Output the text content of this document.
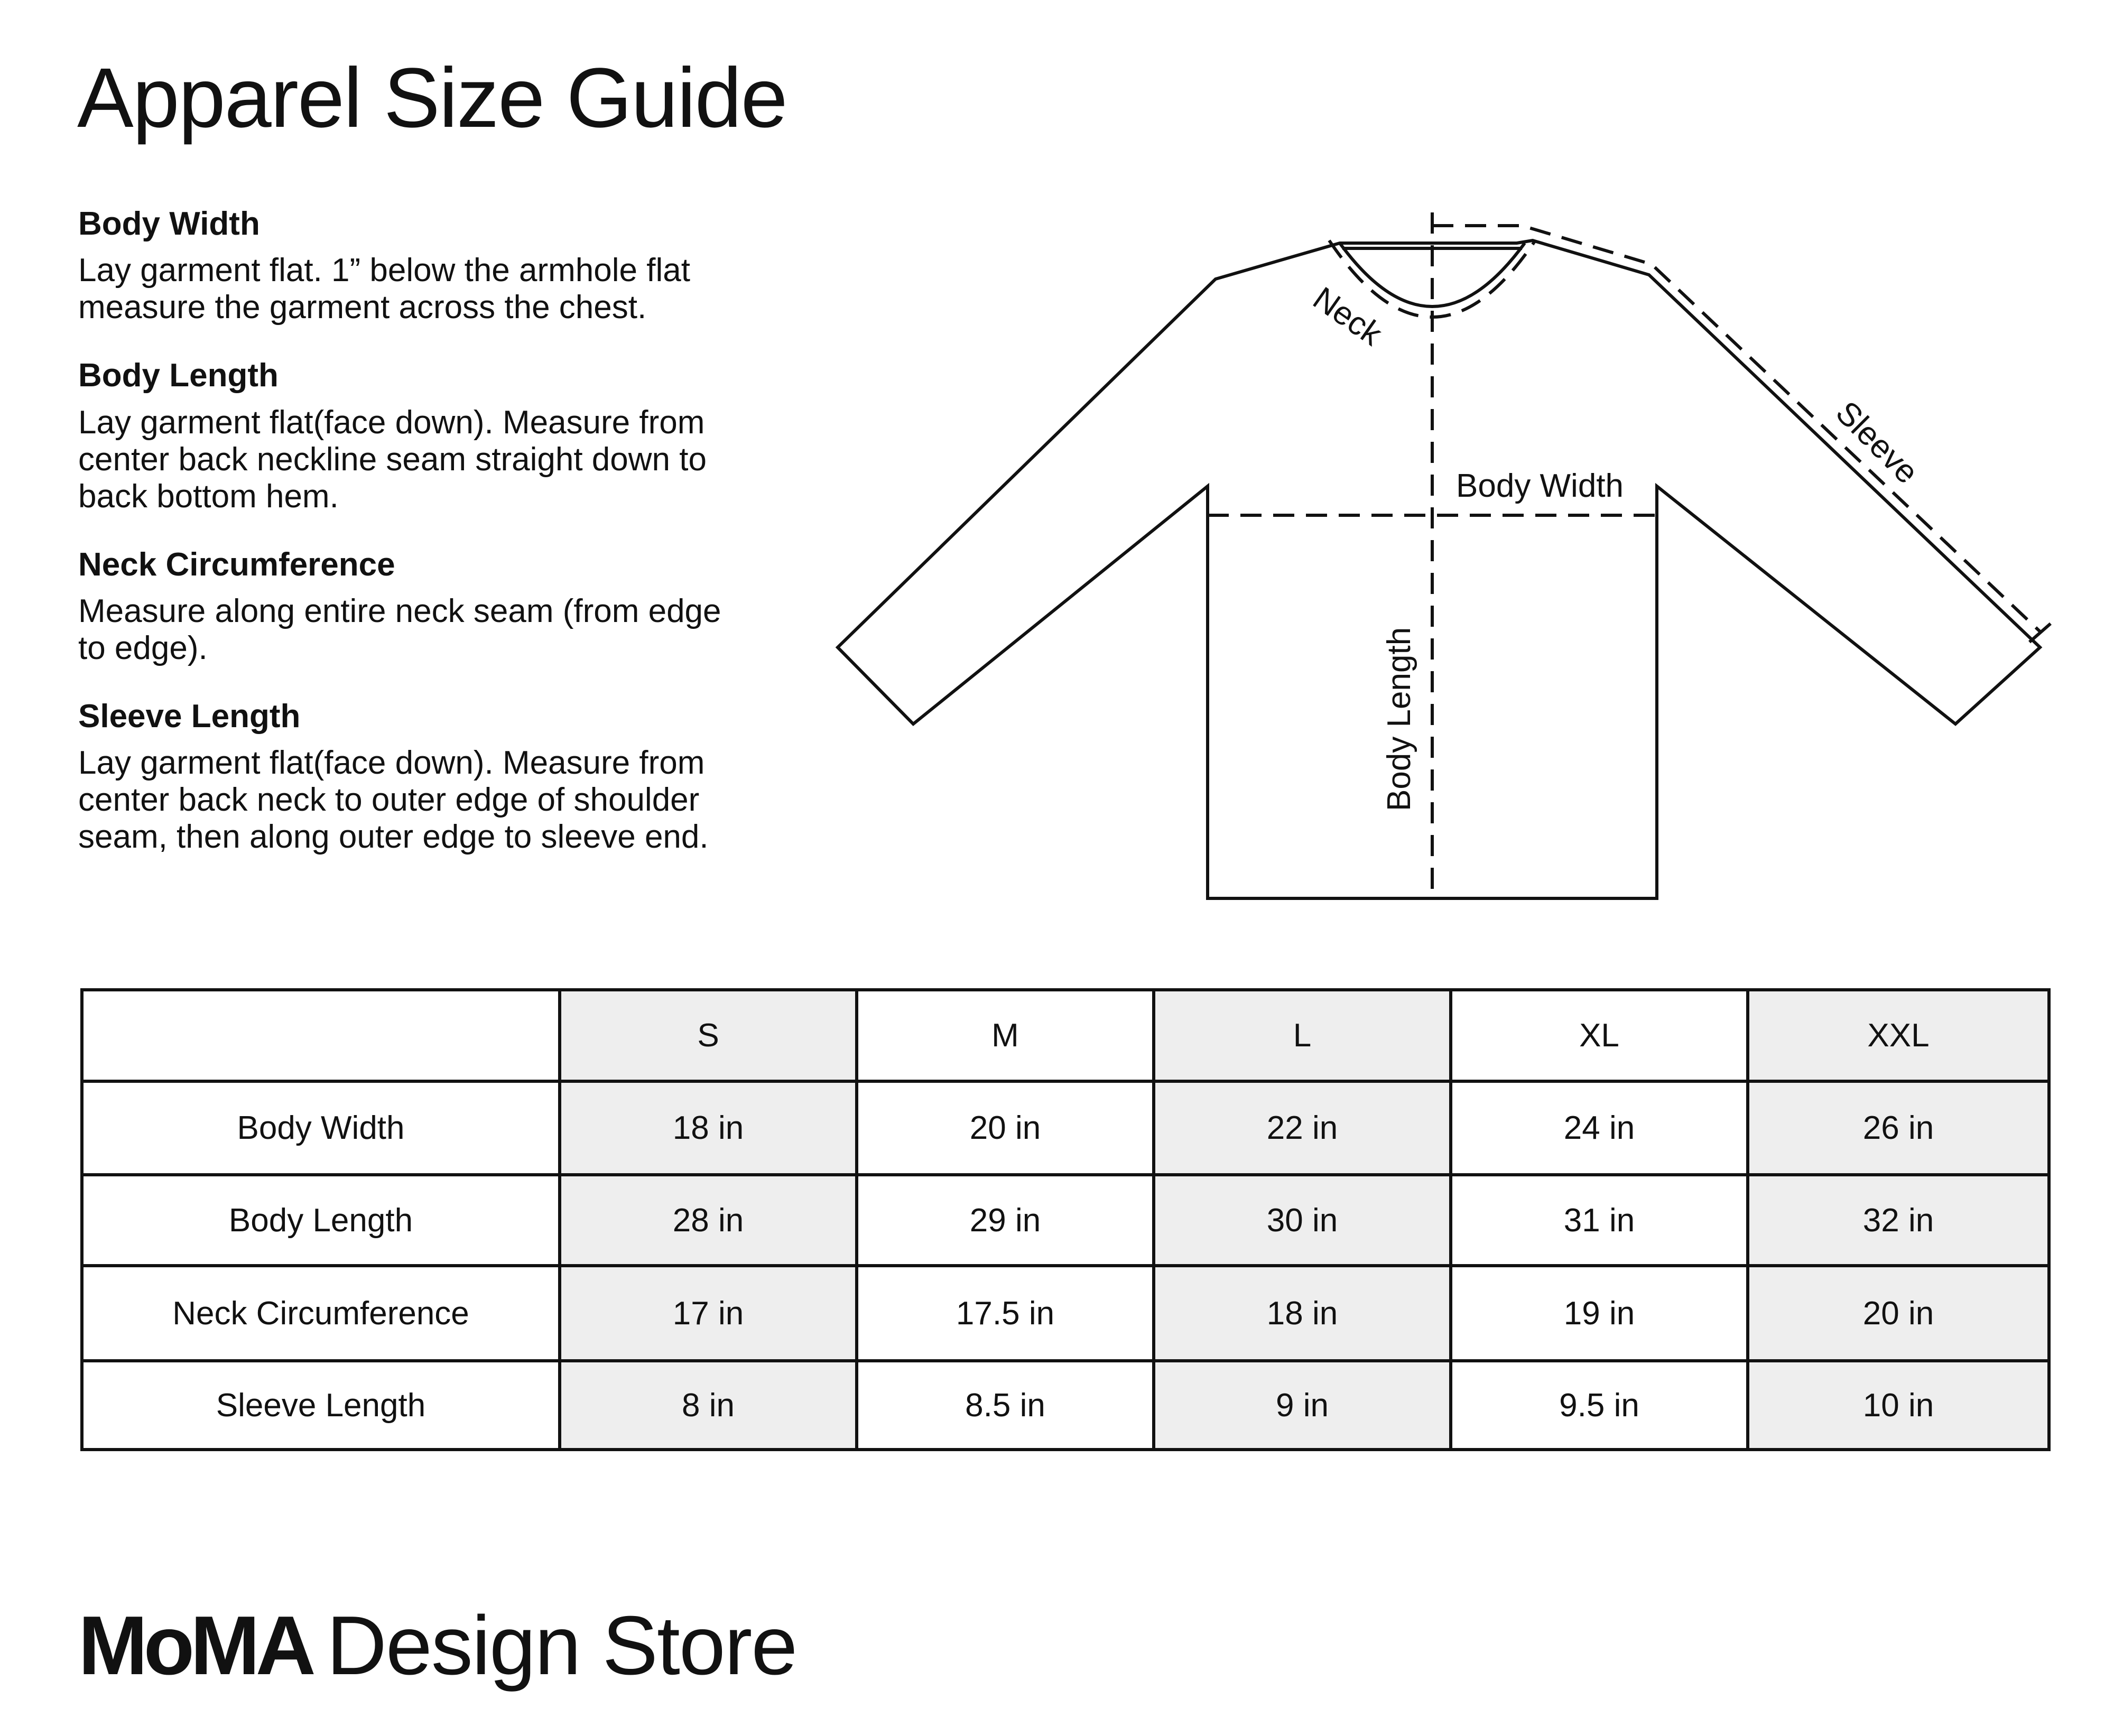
Apparel Size Guide
Body Width

Lay garment flat. 1” below the armhole flat
measure the garment across the chest.

Body Length

Lay garment flat(face down). Measure from
center back neckline seam straight down to
back bottom hem.

Neck Circumference

Measure along entire neck seam (from edge
to edge).

Sleeve Length

Lay garment flat(face down). Measure from
center back neck to outer edge of shoulder
seam, then along outer edge to sleeve end.

Neck
Sleeve
Body Width
Body Length
	S	M	L	XL	XXL
Body Width	18 in	20 in	22 in	24 in	26 in
Body Length	28 in	29 in	30 in	31 in	32 in
Neck Circumference	17 in	17.5 in	18 in	19 in	20 in
Sleeve Length	8 in	8.5 in	9 in	9.5 in	10 in
MoMA Design Store
